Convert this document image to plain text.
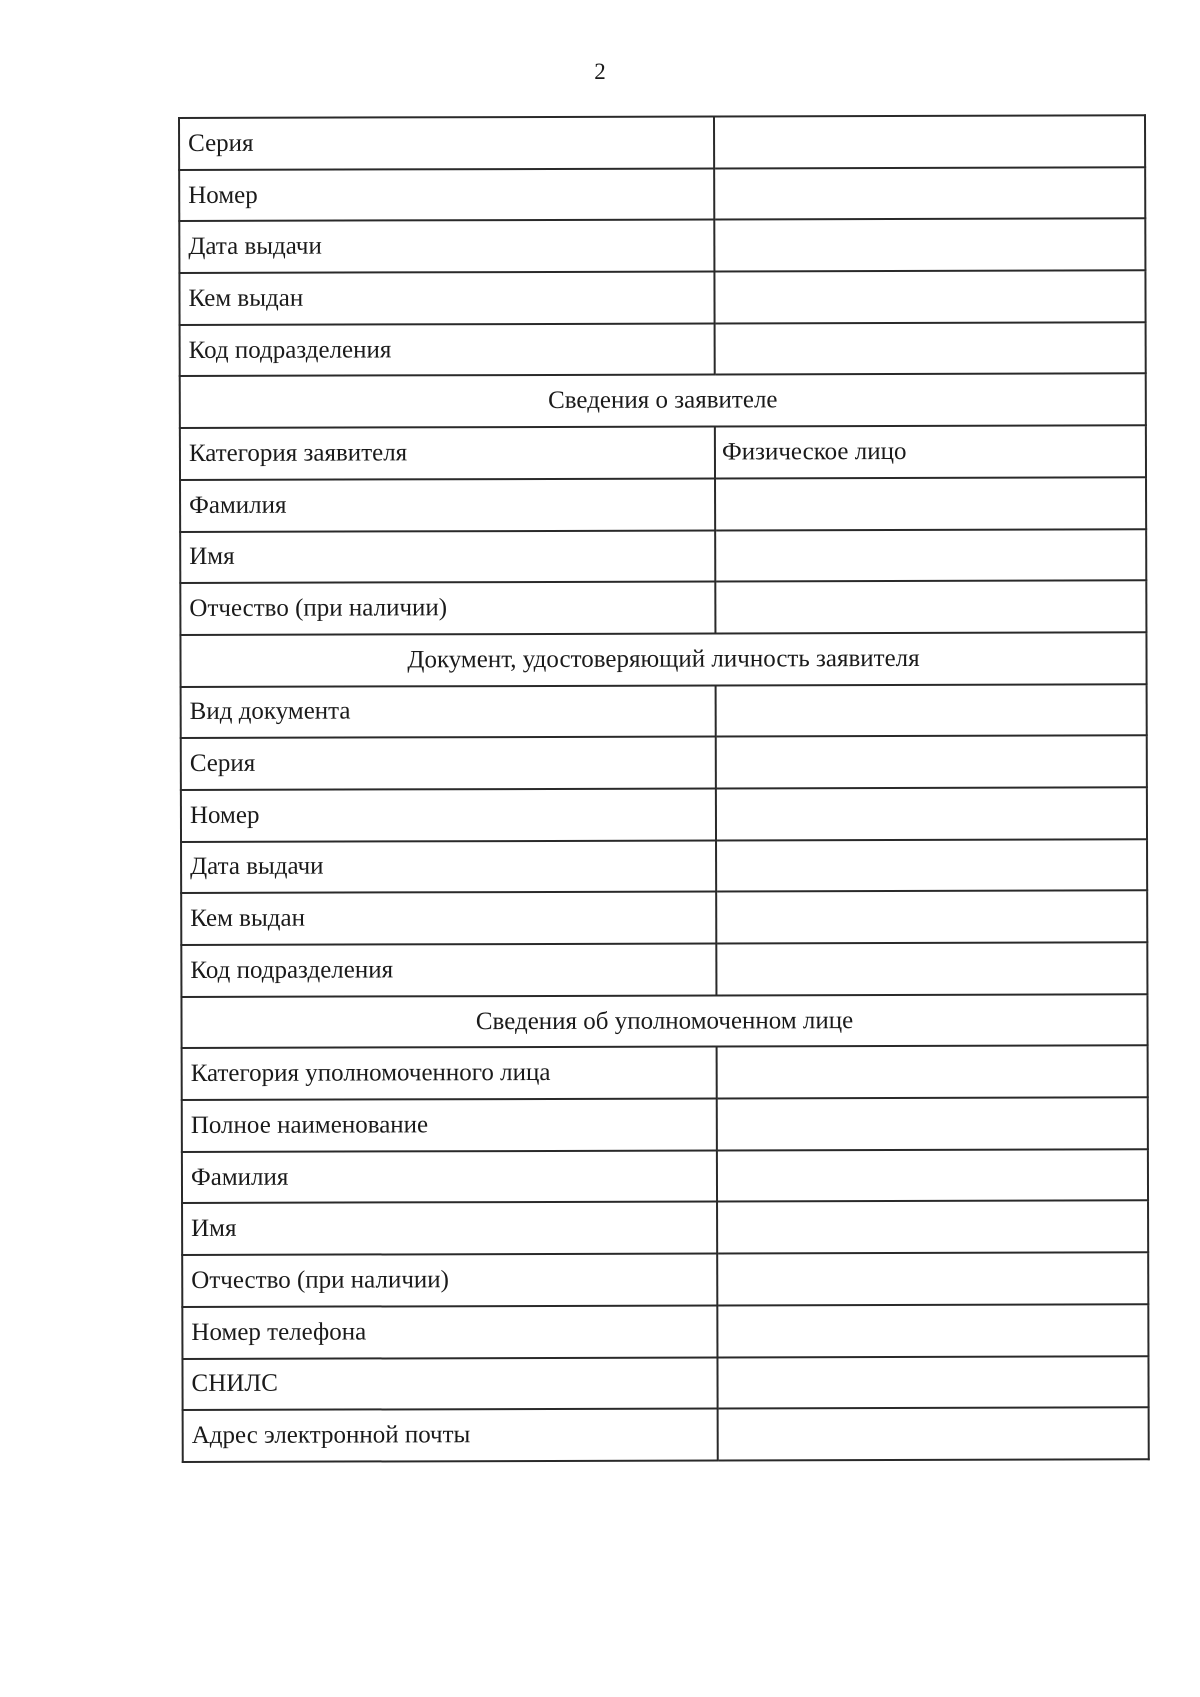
2
Серия	
Номер	
Дата выдачи	
Кем выдан	
Код подразделения	
Сведения о заявителе	
Категория заявителя	Физическое лицо
Фамилия	
Имя	
Отчество (при наличии)	
Документ, удостоверяющий личность заявителя	
Вид документа	
Серия	
Номер	
Дата выдачи	
Кем выдан	
Код подразделения	
Сведения об уполномоченном лице	
Категория уполномоченного лица	
Полное наименование	
Фамилия	
Имя	
Отчество (при наличии)	
Номер телефона	
СНИЛС	
Адрес электронной почты	
